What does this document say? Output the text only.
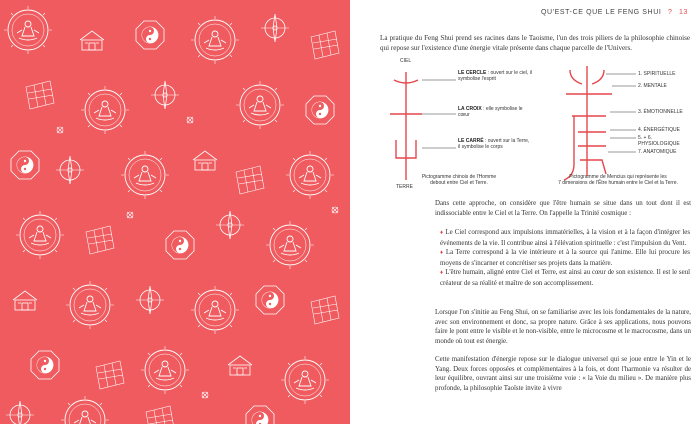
QU'EST-CE QUE LE FENG SHUI ? 13

La pratique du Feng Shui prend ses racines dans le Taoisme, l'un des trois piliers de la philosophie chinoise qui repose sur l'existence d'une énergie vitale présente dans chaque parcelle de l'Univers.

CIEL
TERRE
LE CERCLE : ouvert sur le ciel, il symbolise l'esprit
LA CROIX : elle symbolise le cœur
LE CARRÉ : ouvert sur la Terre, il symbolise le corps
1. SPIRITUELLE
2. MENTALE
3. ÉMOTIONNELLE
4. ÉNERGÉTIQUE
5. + 6. PHYSIOLOGIQUE
7. ANATOMIQUE
Pictogramme chinois de l'Homme
debout entre Ciel et Terre.
Pictogramme de Mencius qui représente les
7 dimensions de l'Être humain entre le Ciel et la Terre.

Dans cette approche, on considère que l'être humain se situe dans un tout dont il est indissociable entre le Ciel et la Terre. On l'appelle la Trinité cosmique :

♦ Le Ciel correspond aux impulsions immatérielles, à la vision et à la façon d'intégrer les événements de la vie. Il contribue ainsi à l'élévation spirituelle : c'est l'impulsion du Vent.
♦ La Terre correspond à la vie intérieure et à la source qui l'anime. Elle lui procure les moyens de s'incarner et concrétiser ses projets dans la matière.
♦ L'être humain, aligné entre Ciel et Terre, est ainsi au cœur de son existence. Il est le seul créateur de sa réalité et maître de son accomplissement.

Lorsque l'on s'initie au Feng Shui, on se familiarise avec les lois fondamentales de la nature, avec son environnement et donc, sa propre nature. Grâce à ses applications, nous pouvons faire le pont entre le visible et le non-visible, entre le microcosme et le macrocosme, dans un monde où tout est énergie.

Cette manifestation d'énergie repose sur le dialogue universel qui se joue entre le Yin et le Yang. Deux forces opposées et complémentaires à la fois, et dont l'harmonie va résulter de leur équilibre, ouvrant ainsi sur une troisième voie : « la Voie du milieu ». De manière plus profonde, la philosophie Taoïste invite à vivre
